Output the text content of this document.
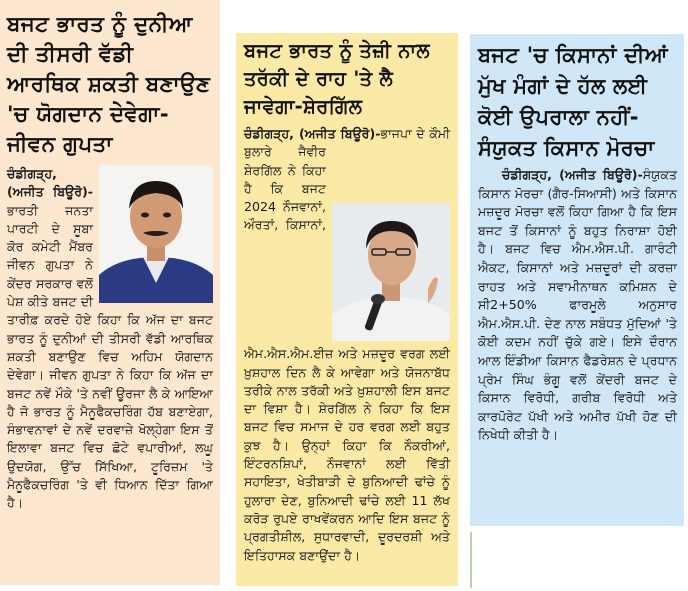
ਬਜਟ ਭਾਰਤ ਨੂੰ ਦੁਨੀਆ ਦੀ ਤੀਸਰੀ ਵੱਡੀ ਆਰਥਿਕ ਸ਼ਕਤੀ ਬਣਾਉਣ 'ਚ ਯੋਗਦਾਨ ਦੇਵੇਗਾ-ਜੀਵਨ ਗੁਪਤਾ

ਚੰਡੀਗੜ੍ਹ, (ਅਜੀਤ ਬਿਊਰੋ)-ਭਾਰਤੀ ਜਨਤਾ ਪਾਰਟੀ ਦੇ ਸੂਬਾ ਕੋਰ ਕਮੇਟੀ ਮੈਂਬਰ ਜੀਵਨ ਗੁਪਤਾ ਨੇ ਕੇਂਦਰ ਸਰਕਾਰ ਵਲੋਂ ਪੇਸ਼ ਕੀਤੇ ਬਜਟ ਦੀ ਤਾਰੀਫ਼ ਕਰਦੇ ਹੋਏ ਕਿਹਾ ਕਿ ਅੱਜ ਦਾ ਬਜਟ ਭਾਰਤ ਨੂੰ ਦੁਨੀਆਂ ਦੀ ਤੀਸਰੀ ਵੱਡੀ ਆਰਥਿਕ ਸ਼ਕਤੀ ਬਣਾਉਣ ਵਿਚ ਅਹਿਮ ਯੋਗਦਾਨ ਦੇਵੇਗਾ। ਜੀਵਨ ਗੁਪਤਾ ਨੇ ਕਿਹਾ ਕਿ ਅੱਜ ਦਾ ਬਜਟ ਨਵੇਂ ਮੌਕੇ 'ਤੇ ਨਵੀਂ ਊਰਜਾ ਲੈ ਕੇ ਆਇਆ ਹੈ ਜੋ ਭਾਰਤ ਨੂੰ ਮੈਨੂਫੈਕਚਰਿੰਗ ਹੱਬ ਬਣਾਏਗਾ, ਸੰਭਾਵਨਾਵਾਂ ਦੇ ਨਵੇਂ ਦਰਵਾਜ਼ੇ ਖੋਲ੍ਹੇਗਾ ਇਸ ਤੋਂ ਇਲਾਵਾ ਬਜਟ ਵਿਚ ਛੋਟੇ ਵਪਾਰੀਆਂ, ਲਘੂ ਉਦਯੋਗ, ਉੱਚ ਸਿੱਖਿਆ, ਟੂਰਿਜ਼ਮ 'ਤੇ ਮੈਨੂਫੈਕਚਰਿੰਗ 'ਤੇ ਵੀ ਧਿਆਨ ਦਿੱਤਾ ਗਿਆ ਹੈ।

ਬਜਟ ਭਾਰਤ ਨੂੰ ਤੇਜ਼ੀ ਨਾਲ ਤਰੱਕੀ ਦੇ ਰਾਹ 'ਤੇ ਲੈ ਜਾਵੇਗਾ-ਸ਼ੇਰਗਿੱਲ

ਚੰਡੀਗੜ੍ਹ, (ਅਜੀਤ ਬਿਊਰੋ)-
ਭਾਜਪਾ ਦੇ ਕੌਮੀ ਬੁਲਾਰੇ ਜੈਵੀਰ ਸ਼ੇਰਗਿੱਲ ਨੇ ਕਿਹਾ ਹੈ ਕਿ ਬਜਟ 2024 ਨੌਜਵਾਨਾਂ, ਔਰਤਾਂ, ਕਿਸਾਨਾਂ, ਐਮ.ਐਸ.ਐਮ.ਈਜ਼ ਅਤੇ ਮਜ਼ਦੂਰ ਵਰਗ ਲਈ ਖ਼ੁਸ਼ਹਾਲ ਦਿਨ ਲੈ ਕੇ ਆਵੇਗਾ ਅਤੇ ਯੋਜਨਾਬੱਧ ਤਰੀਕੇ ਨਾਲ ਤਰੱਕੀ ਅਤੇ ਖ਼ੁਸ਼ਹਾਲੀ ਇਸ ਬਜਟ ਦਾ ਵਿਸ਼ਾ ਹੈ। ਸ਼ੇਰਗਿੱਲ ਨੇ ਕਿਹਾ ਕਿ ਇਸ ਬਜਟ ਵਿਚ ਸਮਾਜ ਦੇ ਹਰ ਵਰਗ ਲਈ ਬਹੁਤ ਕੁਝ ਹੈ। ਉਨ੍ਹਾਂ ਕਿਹਾ ਕਿ ਨੌਕਰੀਆਂ, ਇੰਟਰਨਸ਼ਿਪਾਂ, ਨੌਜਵਾਨਾਂ ਲਈ ਵਿੱਤੀ ਸਹਾਇਤਾ, ਖੇਤੀਬਾੜੀ ਦੇ ਬੁਨਿਆਦੀ ਢਾਂਚੇ ਨੂੰ ਹੁਲਾਰਾ ਦੇਣ, ਬੁਨਿਆਦੀ ਢਾਂਚੇ ਲਈ 11 ਲੱਖ ਕਰੋੜ ਰੁਪਏ ਰਾਖਵੇਂਕਰਨ ਆਦਿ ਇਸ ਬਜਟ ਨੂੰ ਪ੍ਰਗਤੀਸ਼ੀਲ, ਸੁਧਾਰਵਾਦੀ, ਦੂਰਦਰਸ਼ੀ ਅਤੇ ਇਤਿਹਾਸਕ ਬਣਾਉਂਦਾ ਹੈ।

ਬਜਟ 'ਚ ਕਿਸਾਨਾਂ ਦੀਆਂ ਮੁੱਖ ਮੰਗਾਂ ਦੇ ਹੱਲ ਲਈ ਕੋਈ ਉਪਰਾਲਾ ਨਹੀਂ- ਸੰਯੁਕਤ ਕਿਸਾਨ ਮੋਰਚਾ

ਚੰਡੀਗੜ੍ਹ, (ਅਜੀਤ ਬਿਊਰੋ)-ਸੰਯੁਕਤ ਕਿਸਾਨ ਮੋਰਚਾ (ਗੈਰ-ਸਿਆਸੀ) ਅਤੇ ਕਿਸਾਨ ਮਜ਼ਦੂਰ ਮੋਰਚਾ ਵਲੋਂ ਕਿਹਾ ਗਿਆ ਹੈ ਕਿ ਇਸ ਬਜਟ ਤੋਂ ਕਿਸਾਨਾਂ ਨੂੰ ਬਹੁਤ ਨਿਰਾਸ਼ਾ ਹੋਈ ਹੈ। ਬਜਟ ਵਿਚ ਐਮ.ਐਸ.ਪੀ. ਗਾਰੰਟੀ ਐਕਟ, ਕਿਸਾਨਾਂ ਅਤੇ ਮਜ਼ਦੂਰਾਂ ਦੀ ਕਰਜ਼ਾ ਰਾਹਤ ਅਤੇ ਸਵਾਮੀਨਾਥਨ ਕਮਿਸ਼ਨ ਦੇ ਸੀ2+50% ਫਾਰਮੂਲੇ ਅਨੁਸਾਰ ਐਮ.ਐਸ.ਪੀ. ਦੇਣ ਨਾਲ ਸਬੰਧਤ ਮੁੱਦਿਆਂ 'ਤੇ ਕੋਈ ਕਦਮ ਨਹੀਂ ਚੁੱਕੇ ਗਏ। ਇਸੇ ਦੌਰਾਨ ਆਲ ਇੰਡੀਆ ਕਿਸਾਨ ਫੈਡਰੇਸ਼ਨ ਦੇ ਪ੍ਰਧਾਨ ਪ੍ਰੇਮ ਸਿੰਘ ਭੰਗੂ ਵਲੋਂ ਕੇਂਦਰੀ ਬਜਟ ਦੇ ਕਿਸਾਨ ਵਿਰੋਧੀ, ਗਰੀਬ ਵਿਰੋਧੀ ਅਤੇ ਕਾਰਪੋਰੇਟ ਪੱਖੀ ਅਤੇ ਅਮੀਰ ਪੱਖੀ ਹੋਣ ਦੀ ਨਿਖੇਧੀ ਕੀਤੀ ਹੈ।
